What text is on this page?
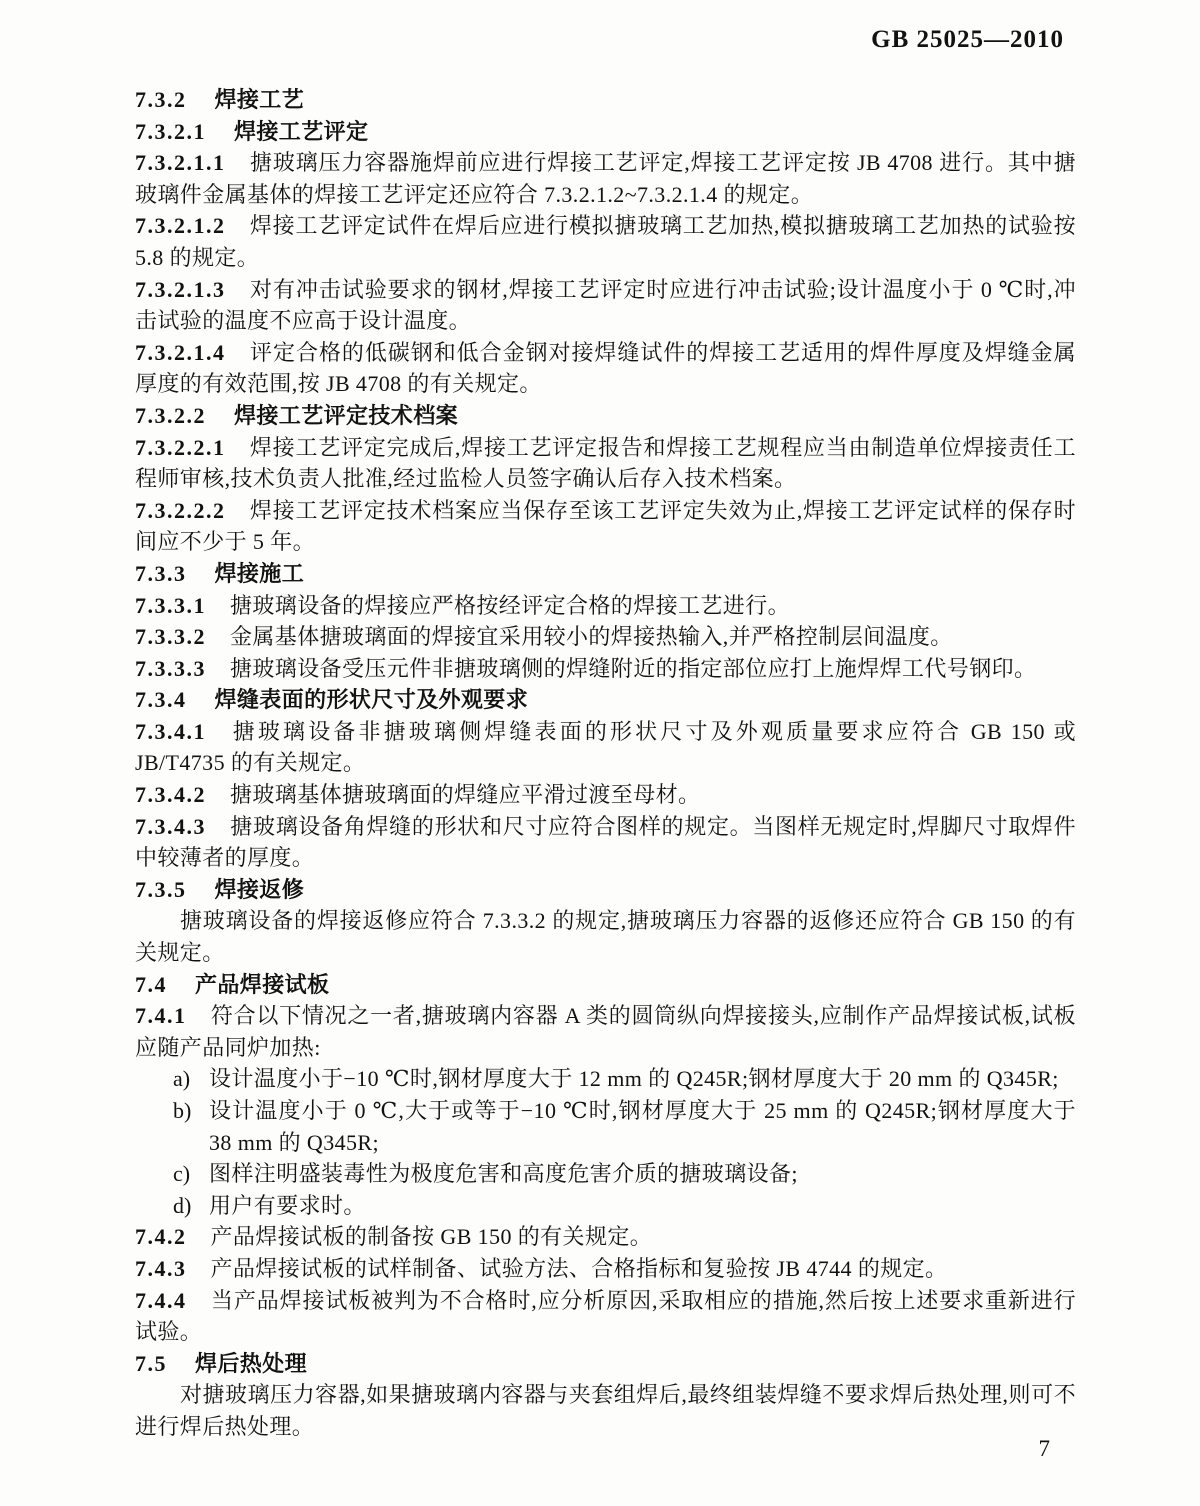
GB 25025—2010

7.3.2 焊接工艺

7.3.2.1 焊接工艺评定

7.3.2.1.1 搪玻璃压力容器施焊前应进行焊接工艺评定,焊接工艺评定按 JB 4708 进行。其中搪玻璃件金属基体的焊接工艺评定还应符合 7.3.2.1.2~7.3.2.1.4 的规定。

7.3.2.1.2 焊接工艺评定试件在焊后应进行模拟搪玻璃工艺加热,模拟搪玻璃工艺加热的试验按 5.8 的规定。

7.3.2.1.3 对有冲击试验要求的钢材,焊接工艺评定时应进行冲击试验;设计温度小于 0 ℃时,冲击试验的温度不应高于设计温度。

7.3.2.1.4 评定合格的低碳钢和低合金钢对接焊缝试件的焊接工艺适用的焊件厚度及焊缝金属厚度的有效范围,按 JB 4708 的有关规定。

7.3.2.2 焊接工艺评定技术档案

7.3.2.2.1 焊接工艺评定完成后,焊接工艺评定报告和焊接工艺规程应当由制造单位焊接责任工程师审核,技术负责人批准,经过监检人员签字确认后存入技术档案。

7.3.2.2.2 焊接工艺评定技术档案应当保存至该工艺评定失效为止,焊接工艺评定试样的保存时间应不少于 5 年。

7.3.3 焊接施工

7.3.3.1 搪玻璃设备的焊接应严格按经评定合格的焊接工艺进行。

7.3.3.2 金属基体搪玻璃面的焊接宜采用较小的焊接热输入,并严格控制层间温度。

7.3.3.3 搪玻璃设备受压元件非搪玻璃侧的焊缝附近的指定部位应打上施焊焊工代号钢印。

7.3.4 焊缝表面的形状尺寸及外观要求

7.3.4.1 搪玻璃设备非搪玻璃侧焊缝表面的形状尺寸及外观质量要求应符合 GB 150 或 JB/T4735 的有关规定。

7.3.4.2 搪玻璃基体搪玻璃面的焊缝应平滑过渡至母材。

7.3.4.3 搪玻璃设备角焊缝的形状和尺寸应符合图样的规定。当图样无规定时,焊脚尺寸取焊件中较薄者的厚度。

7.3.5 焊接返修

搪玻璃设备的焊接返修应符合 7.3.3.2 的规定,搪玻璃压力容器的返修还应符合 GB 150 的有关规定。

7.4 产品焊接试板

7.4.1 符合以下情况之一者,搪玻璃内容器 A 类的圆筒纵向焊接接头,应制作产品焊接试板,试板应随产品同炉加热:

a) 设计温度小于−10 ℃时,钢材厚度大于 12 mm 的 Q245R;钢材厚度大于 20 mm 的 Q345R;

b) 设计温度小于 0 ℃,大于或等于−10 ℃时,钢材厚度大于 25 mm 的 Q245R;钢材厚度大于 38 mm 的 Q345R;

c) 图样注明盛装毒性为极度危害和高度危害介质的搪玻璃设备;

d) 用户有要求时。

7.4.2 产品焊接试板的制备按 GB 150 的有关规定。

7.4.3 产品焊接试板的试样制备、试验方法、合格指标和复验按 JB 4744 的规定。

7.4.4 当产品焊接试板被判为不合格时,应分析原因,采取相应的措施,然后按上述要求重新进行试验。

7.5 焊后热处理

对搪玻璃压力容器,如果搪玻璃内容器与夹套组焊后,最终组装焊缝不要求焊后热处理,则可不进行焊后热处理。

7
